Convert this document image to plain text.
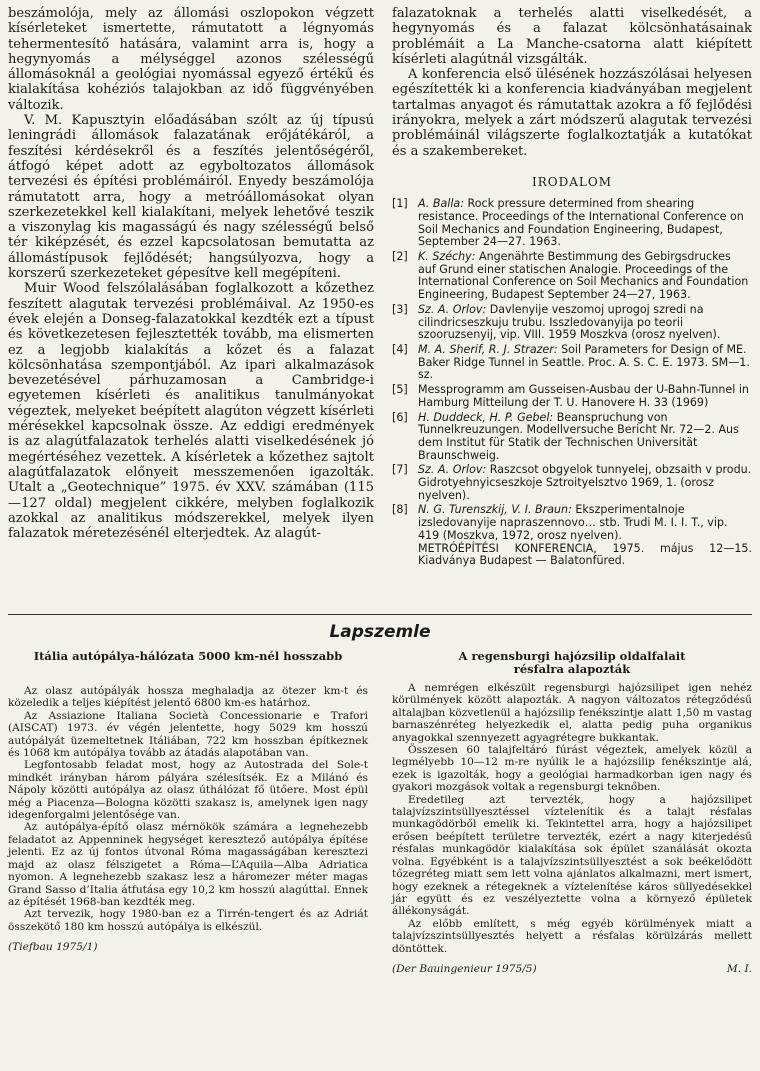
beszámolója, mely az állomási oszlopokon végzett kísérleteket ismertette, rámutatott a légnyomás tehermentesítő hatására, valamint arra is, hogy a hegynyomás a mélységgel azonos szélességű állomásoknál a geológiai nyomással egyező értékű és kialakítása kohéziós talajokban az idő függvényében változik.

V. M. Kapusztyin előadásában szólt az új típusú leningrádi állomások falazatának erőjátékáról, a feszítési kérdésekről és a feszítés jelentőségéről, átfogó képet adott az egyboltozatos állomások tervezési és építési problémáiról. Enyedy beszámolója rámutatott arra, hogy a metróállomásokat olyan szerkezetekkel kell kialakítani, melyek lehetővé teszik a viszonylag kis magasságú és nagy szélességű belső tér kiképzését, és ezzel kapcsolatosan bemutatta az állomástípusok fejlődését; hangsúlyozva, hogy a korszerű szerkezeteket gépesítve kell megépíteni.

Muir Wood felszólalásában foglalkozott a kőzethez feszített alagutak tervezési problémáival. Az 1950-es évek elején a Donseg-falazatokkal kezdték ezt a típust és következetesen fejlesztették tovább, ma elismerten ez a legjobb kialakítás a kőzet és a falazat kölcsönhatása szempontjából. Az ipari alkalmazások bevezetésével párhuzamosan a Cambridge-i egyetemen kísérleti és analitikus tanulmányokat végeztek, melyeket beépített alagúton végzett kísérleti mérésekkel kapcsolnak össze. Az eddigi eredmények is az alagútfalazatok terhelés alatti viselkedésének jó megértéséhez vezettek. A kísérletek a kőzethez sajtolt alagútfalazatok előnyeit messzemenően igazolták. Utalt a „Geotechnique” 1975. év XXV. számában (115—127 oldal) megjelent cikkére, melyben foglalkozik azokkal az analitikus módszerekkel, melyek ilyen falazatok méretezésénél elterjedtek. Az alagút-

falazatoknak a terhelés alatti viselkedését, a hegynyomás és a falazat kölcsönhatásainak problémáit a La Manche-csatorna alatt kiépített kísérleti alagútnál vizsgálták.

A konferencia első ülésének hozzászólásai helyesen egészítették ki a konferencia kiadványában megjelent tartalmas anyagot és rámutattak azokra a fő fejlődési irányokra, melyek a zárt módszerű alagutak tervezési problémáinál világszerte foglalkoztatják a kutatókat és a szakembereket.

IRODALOM
[1] A. Balla: Rock pressure determined from shearing resistance. Proceedings of the International Conference on Soil Mechanics and Foundation Engineering, Budapest, September 24—27. 1963.
[2] K. Széchy: Angenährte Bestimmung des Gebirgsdruckes auf Grund einer statischen Analogie. Proceedings of the International Conference on Soil Mechanics and Foundation Engineering, Budapest September 24—27, 1963.
[3] Sz. A. Orlov: Davlenyije veszomoj uprogoj szredi na cilindricseszkuju trubu. Isszledovanyija po teorii szooruzsenyij, vip. VIII. 1959 Moszkva (orosz nyelven).
[4] M. A. Sherif, R. J. Strazer: Soil Parameters for Design of ME. Baker Ridge Tunnel in Seattle. Proc. A. S. C. E. 1973. SM—1. sz.
[5] Messprogramm am Gusseisen-Ausbau der U-Bahn-Tunnel in Hamburg Mitteilung der T. U. Hanovere H. 33 (1969)
[6] H. Duddeck, H. P. Gebel: Beanspruchung von Tunnelkreuzungen. Modellversuche Bericht Nr. 72—2. Aus dem Institut für Statik der Technischen Universität Braunschweig.
[7] Sz. A. Orlov: Raszcsot obgyelok tunnyelej, obzsaith v produ. Gidrotyehnyicseszkoje Sztroityelsztvo 1969, 1. (orosz nyelven).
[8] N. G. Turenszkij, V. I. Braun: Ekszperimentalnoje izsledovanyije napraszennovo… stb. Trudi M. I. I. T., vip. 419 (Moszkva, 1972, orosz nyelven).
METRÓÉPÍTÉSI KONFERENCIA, 1975. május 12—15. Kiadványa Budapest — Balatonfüred.
Lapszemle
Itália autópálya-hálózata 5000 km-nél hosszabb

Az olasz autópályák hossza meghaladja az ötezer km-t és közeledik a teljes kiépítést jelentő 6800 km-es határhoz.

Az Assiazione Italiana Società Concessionarie e Trafori (AISCAT) 1973. év végén jelentette, hogy 5029 km hosszú autópályát üzemeltetnek Itáliában, 722 km hosszban építkeznek és 1068 km autópálya tovább az átadás alapotában van.

Legfontosabb feladat most, hogy az Autostrada del Sole-t mindkét irányban három pályára szélesítsék. Ez a Milánó és Nápoly közötti autópálya az olasz úthálózat fő ütőere. Most épül még a Piacenza—Bologna közötti szakasz is, amelynek igen nagy idegenforgalmi jelentősége van.

Az autópálya-építő olasz mérnökök számára a legnehezebb feladatot az Appenninek hegységet keresztező autópálya építése jelenti. Ez az új fontos útvonal Róma magasságában keresztezi majd az olasz félszigetet a Róma—L’Aquila—Alba Adriatica nyomon. A legnehezebb szakasz lesz a háromezer méter magas Grand Sasso d’Italia átfutása egy 10,2 km hosszú alagúttal. Ennek az építését 1968-ban kezdték meg.

Azt tervezik, hogy 1980-ban ez a Tirrén-tengert és az Adriát összekötő 180 km hosszú autópálya is elkészül.

(Tiefbau 1975/1)
A regensburgi hajózsilip oldalfalait
résfalra alapozták

A nemrégen elkészült regensburgi hajózsilipet igen nehéz körülmények között alapozták. A nagyon változatos rétegződésű altalajban közvetlenül a hajózsilip fenékszintje alatt 1,50 m vastag barnaszénréteg helyezkedik el, alatta pedig puha organikus anyagokkal szennyezett agyagrétegre bukkantak.

Összesen 60 talajfeltáró fúrást végeztek, amelyek közül a legmélyebb 10—12 m-re nyúlik le a hajózsilip fenékszintje alá, ezek is igazolták, hogy a geológiai harmadkorban igen nagy és gyakori mozgások voltak a regensburgi teknőben.

Eredetileg azt tervezték, hogy a hajózsilipet talajvízszintsüllyesztéssel víztelenítik és a talajt résfalas munkagödörből emelik ki. Tekintettel arra, hogy a hajózsilipet erősen beépített területre tervezték, ezért a nagy kiterjedésű résfalas munkagödör kialakítása sok épület szanálását okozta volna. Egyébként is a talajvízszintsüllyesztést a sok beékelődött tőzegréteg miatt sem lett volna ajánlatos alkalmazni, mert ismert, hogy ezeknek a rétegeknek a víztelenítése káros süllyedésekkel jár együtt és ez veszélyeztette volna a környező épületek állékonyságát.

Az előbb említett, s még egyéb körülmények miatt a talajvízszintsüllyesztés helyett a résfalas körülzárás mellett döntöttek.

(Der Bauingenieur 1975/5)	M. I.
